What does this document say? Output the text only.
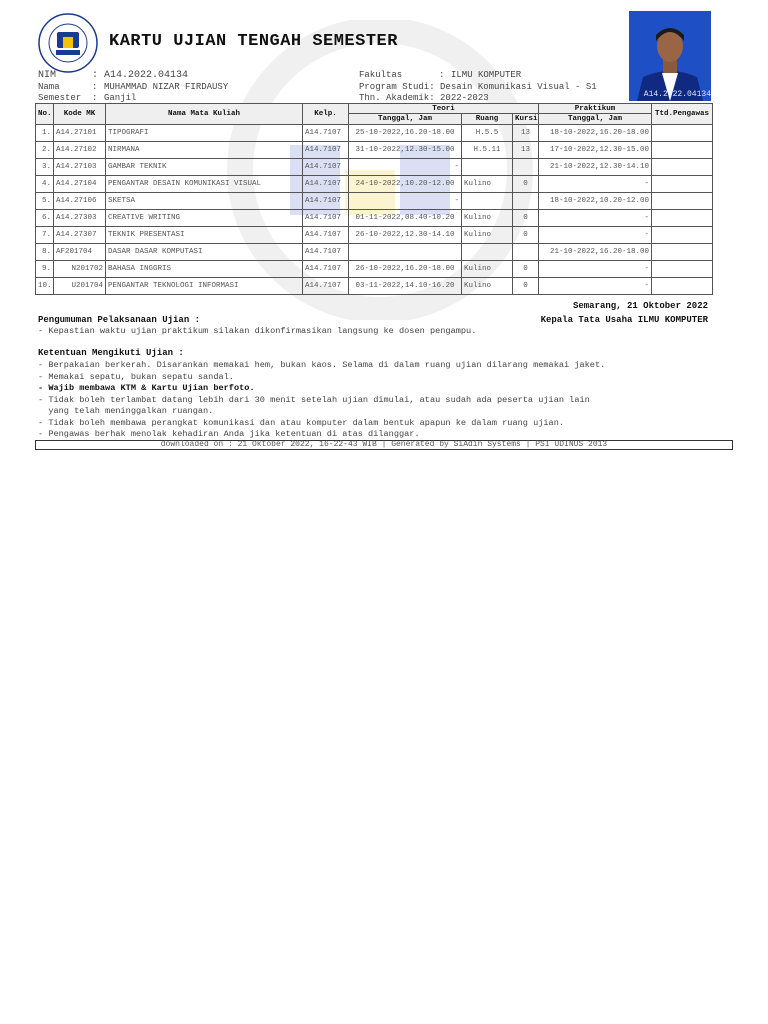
KARTU UJIAN TENGAH SEMESTER
A14.2022.04134
NIM	: A14.2022.04134
Nama	: MUHAMMAD NIZAR FIRDAUSY
Semester : Ganjil
Fakultas	: ILMU KOMPUTER
Program Studi: Desain Komunikasi Visual - S1
Thn. Akademik: 2022-2023
No.	Kode MK	Nama Mata Kuliah	Kelp.	Teori			Praktikum	Ttd.Pengawas
				Tanggal, Jam	Ruang	Kursi	Tanggal, Jam	
1.	A14.27101	TIPOGRAFI	A14.7107	25-10-2022,16.20-18.00	H.5.5	13	18-10-2022,16.20-18.00	
2.	A14.27102	NIRMANA	A14.7107	31-10-2022,12.30-15.00	H.5.11	13	17-10-2022,12.30-15.00	
3.	A14.27103	GAMBAR TEKNIK	A14.7107	-			21-10-2022,12.30-14.10	
4.	A14.27104	PENGANTAR DESAIN KOMUNIKASI VISUAL	A14.7107	24-10-2022,10.20-12.00	Kulino	0	-	
5.	A14.27106	SKETSA	A14.7107	-			18-10-2022,10.20-12.00	
6.	A14.27303	CREATIVE WRITING	A14.7107	01-11-2022,08.40-10.20	Kulino	0	-	
7.	A14.27307	TEKNIK PRESENTASI	A14.7107	26-10-2022,12.30-14.10	Kulino	0	-	
8.	AF201704	DASAR DASAR KOMPUTASI	A14.7107				21-10-2022,16.20-18.00	
9.	N201702	BAHASA INGGRIS	A14.7107	26-10-2022,16.20-18.00	Kulino	0	-	
10.	U201704	PENGANTAR TEKNOLOGI INFORMASI	A14.7107	03-11-2022,14.10-16.20	Kulino	0	-	
Semarang, 21 Oktober 2022
Kepala Tata Usaha ILMU KOMPUTER
Pengumuman Pelaksanaan Ujian :
- Kepastian waktu ujian praktikum silakan dikonfirmasikan langsung ke dosen pengampu.
Ketentuan Mengikuti Ujian :
- Berpakaian berkerah. Disarankan memakai hem, bukan kaos. Selama di dalam ruang ujian dilarang memakai jaket.
- Memakai sepatu, bukan sepatu sandal.
- Wajib membawa KTM & Kartu Ujian berfoto.
- Tidak boleh terlambat datang lebih dari 30 menit setelah ujian dimulai, atau sudah ada peserta ujian lain
yang telah meninggalkan ruangan.
- Tidak boleh membawa perangkat komunikasi dan atau komputer dalam bentuk apapun ke dalam ruang ujian.
- Pengawas berhak menolak kehadiran Anda jika ketentuan di atas dilanggar.
downloaded on : 21 Oktober 2022, 16-22-43 WIB | Generated by SiAdin Systems | PSI UDINUS 2013
